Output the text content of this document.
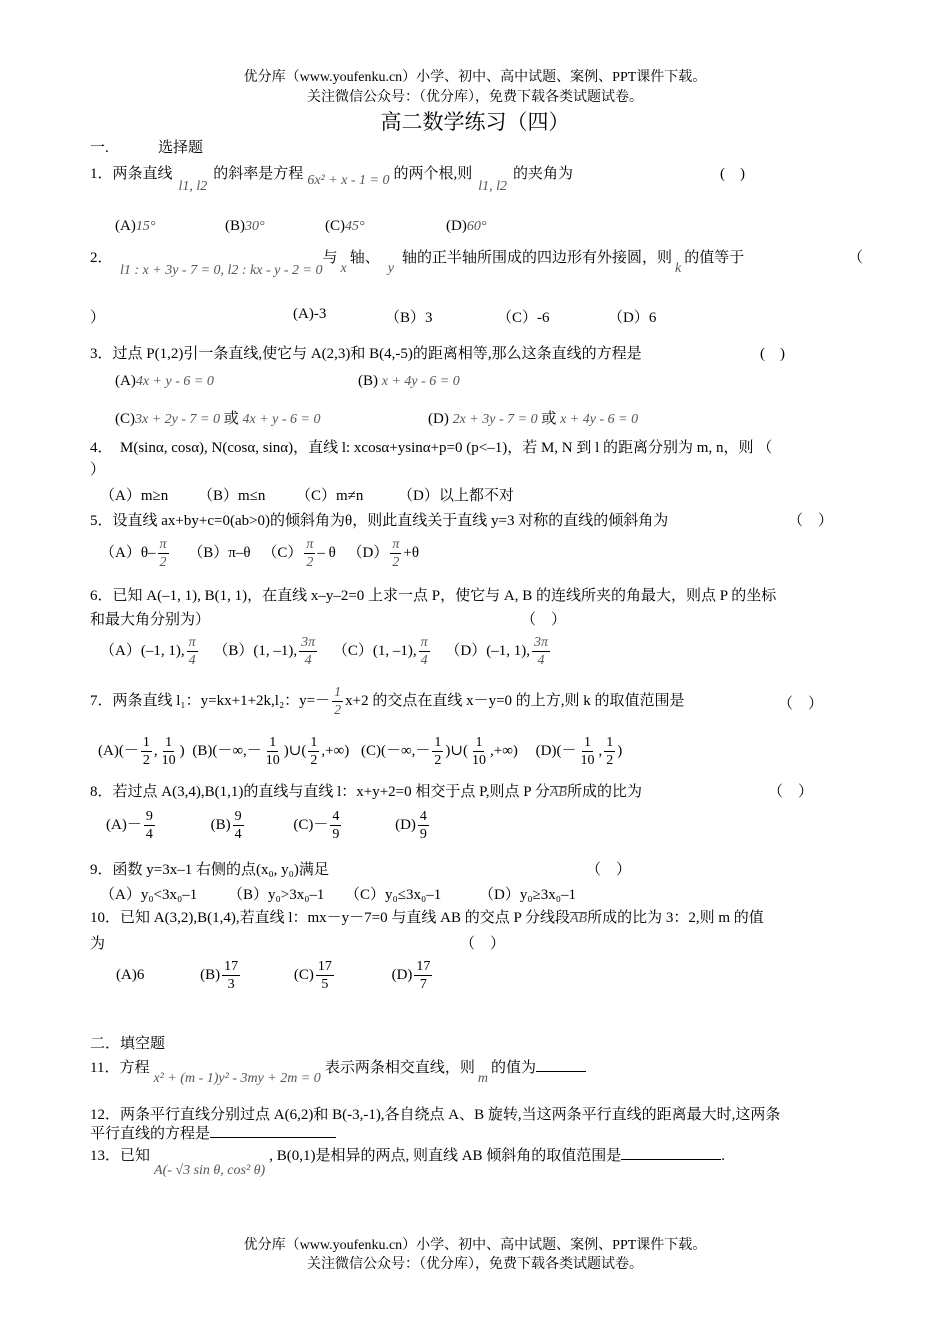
优分库（www.youfenku.cn）小学、初中、高中试题、案例、PPT课件下载。
关注微信公众号：（优分库），免费下载各类试题试卷。
高二数学练习（四）
一.	选择题
1．两条直线l1, l2的斜率是方程 6x² + x - 1 = 0 的两个根,则l1, l2的夹角为	(　)
(A)15°	(B)30°	(C)45°	(D)60°
2．
l1 : x + 3y - 7 = 0, l2 : kx - y - 2 = 0与x轴、y轴的正半轴所围成的四边形有外接圆，则k的值等于	（
）	(A)-3	（B）3	（C）-6	（D）6
3．过点 P(1,2)引一条直线,使它与 A(2,3)和 B(4,-5)的距离相等,那么这条直线的方程是	(　)
(A)4x + y - 6 = 0	(B) x + 4y - 6 = 0
(C)3x + 2y - 7 = 0 或 4x + y - 6 = 0	(D) 2x + 3y - 7 = 0 或 x + 4y - 6 = 0
4．　M(sinα, cosα), N(cosα, sinα)，直线 l: xcosα+ysinα+p=0 (p<–1)，若 M, N 到 l 的距离分别为 m, n，则 （
）
（A）m≥n （B）m≤n （C）m≠n （D）以上都不对
5．设直线 ax+by+c=0(ab>0)的倾斜角为θ，则此直线关于直线 y=3 对称的直线的倾斜角为	（　）
$(A)\theta- \frac{\pi}{2} (B)\pi-\theta$ $(C) \frac{\pi}{2}$ – θ $(D) \frac{\pi}{2} +\theta$
6．已知 A(–1, 1), B(1, 1)，在直线 x–y–2=0 上求一点 P，使它与 A, B 的连线所夹的角最大，则点 P 的坐标
和最大角分别为）	（　）
（A）(–1, 1), $\frac{\pi}{4} (B)(1$, –1), $\frac{3\pi}{4} (C)(1$, –1), $\frac{\pi}{4} (D)(-1$, 1), $\frac{3\pi}{4}$
7．两条直线 l₁：y=kx+1+2k,l₂：$y=- \frac{1}{2} x+2$ 的交点在直线 x－y=0 的上方,则 k 的取值范围是	（　）
$(A)(- \frac{1}{2}$ , $\frac{1}{10}$ ) $(B)(-\infty,- \frac{1}{10}$ )∪( $\frac{1}{2}$ ,+∞) $(C)(-\infty,- \frac{1}{2}$ )∪( $\frac{1}{10}$ ,+∞) $(D)(- \frac{1}{10}$ , $\frac{1}{2}$ )
8．若过点 A(3,4),B(1,1)的直线与直线 l：x+y+2=0 相交于点 P,则点 P 分AB所成的比为	（　）
$(A)- \frac{9}{4}$	$(B) \frac{9}{4}$	$(C)- \frac{4}{9}$	$(D) \frac{4}{9}$
9．函数 y=3x–1 右侧的点(x₀, y₀)满足	（　）
（A）y₀<3x₀–1 （B）y₀>3x₀–1 （C）y₀≤3x₀–1	（D）y₀≥3x₀–1
10．已知 A(3,2),B(1,4),若直线 l：mx－y－7=0 与直线 AB 的交点 P 分线段AB所成的比为 3：2,则 m 的值
为	（　）
(A)6	$(B) \frac{17}{3}$	$(C) \frac{17}{5}$	$(D) \frac{17}{7}$
二．填空题
11．方程x² + (m - 1)y² - 3my + 2m = 0表示两条相交直线，则m的值为
12．两条平行直线分别过点 A(6,2)和 B(-3,-1),各自绕点 A、B 旋转,当这两条平行直线的距离最大时,这两条
平行直线的方程是
13．已知A(- √3 sin θ, cos² θ), B(0,1)是相异的两点, 则直线 AB 倾斜角的取值范围是	.
优分库（www.youfenku.cn）小学、初中、高中试题、案例、PPT课件下载。
关注微信公众号：（优分库），免费下载各类试题试卷。
